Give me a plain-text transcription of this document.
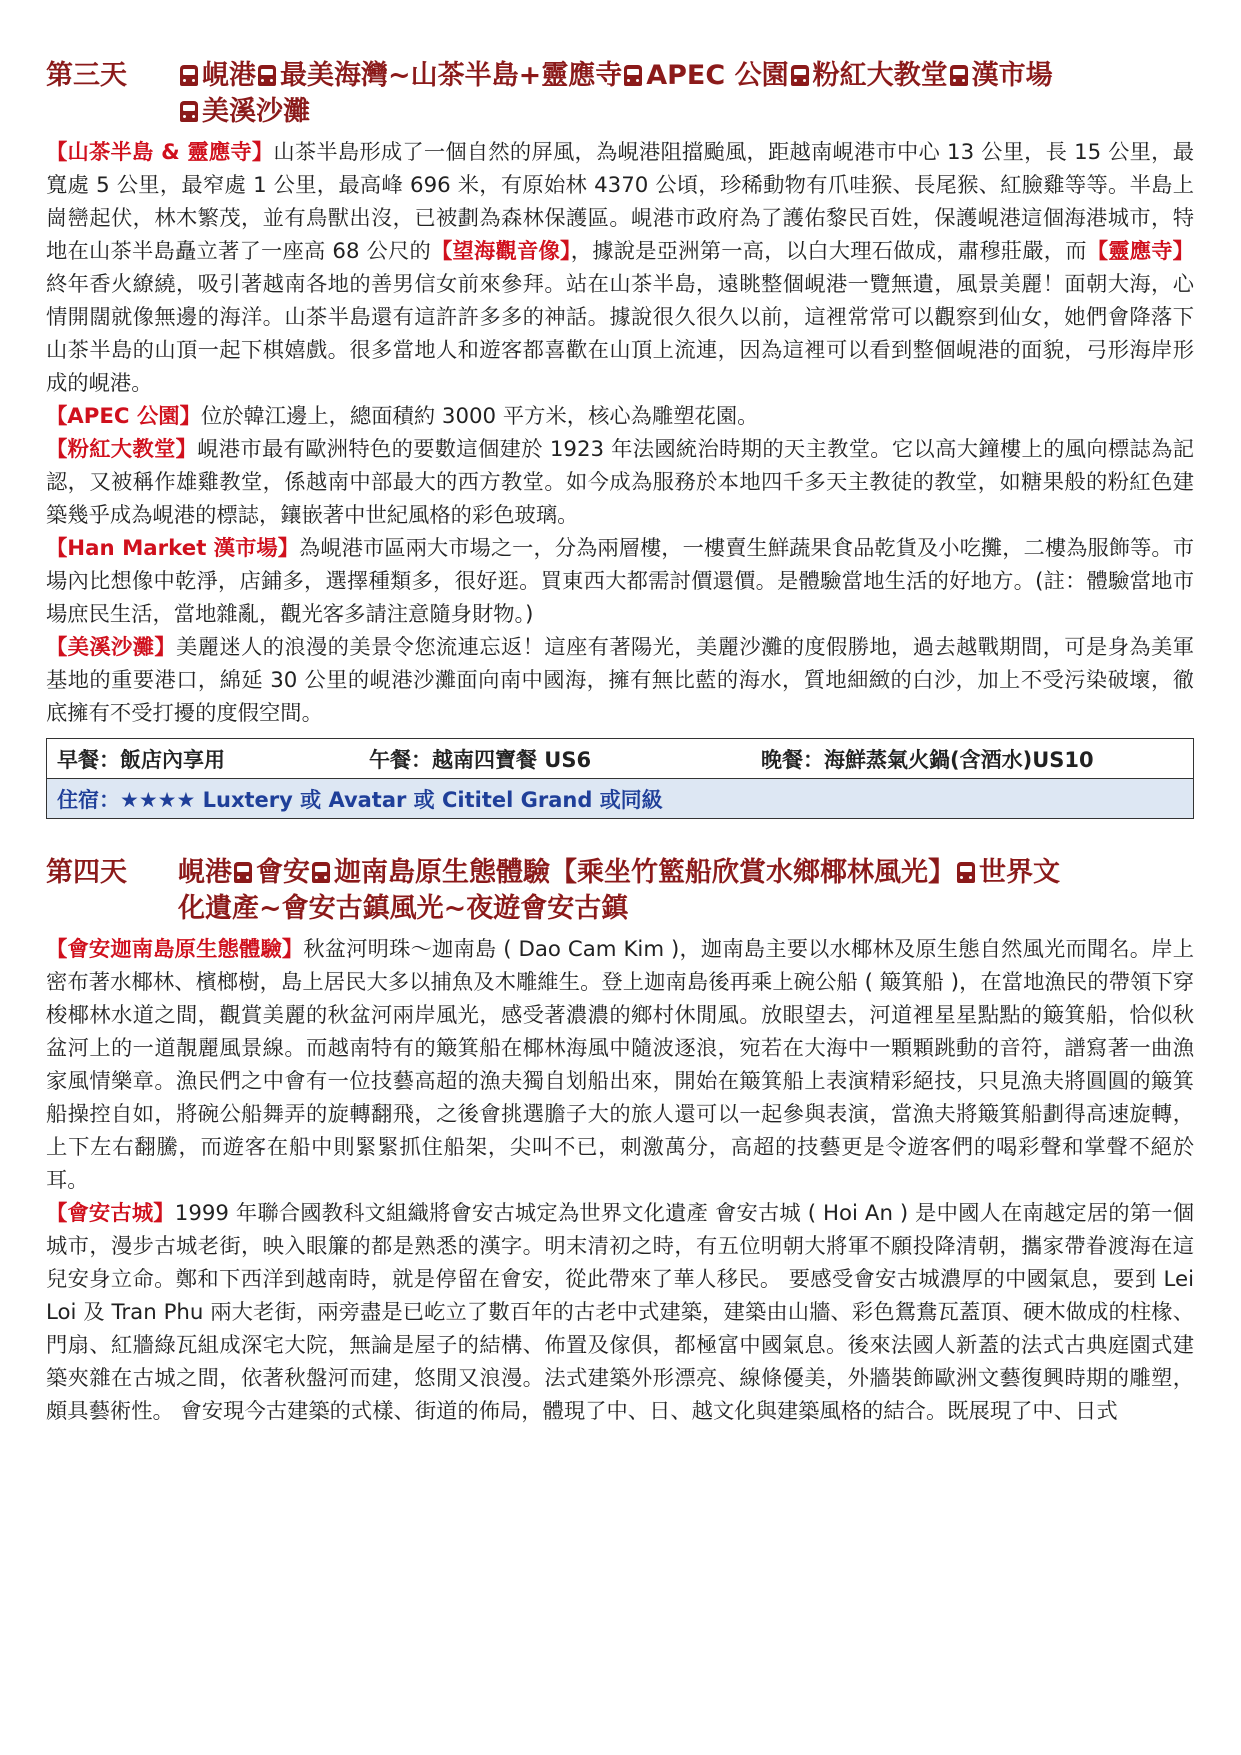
第三天	峴港 最美海灣~山茶半島+靈應寺 APEC 公園 粉紅大教堂 漢市場
美溪沙灘

【山茶半島 & 靈應寺】山茶半島形成了一個自然的屏風，為峴港阻擋颱風，距越南峴港市中心 13 公里，長 15 公里，最寬處 5 公里，最窄處 1 公里，最高峰 696 米，有原始林 4370 公頃，珍稀動物有爪哇猴、長尾猴、紅臉雞等等。半島上崗巒起伏，林木繁茂，並有鳥獸出沒，已被劃為森林保護區。峴港市政府為了護佑黎民百姓，保護峴港這個海港城市，特地在山茶半島矗立著了一座高 68 公尺的【望海觀音像】，據說是亞洲第一高，以白大理石做成，肅穆莊嚴，而【靈應寺】終年香火繚繞，吸引著越南各地的善男信女前來參拜。站在山茶半島，遠眺整個峴港一覽無遺，風景美麗！面朝大海，心情開闊就像無邊的海洋。山茶半島還有這許許多多的神話。據說很久很久以前，這裡常常可以觀察到仙女，她們會降落下山茶半島的山頂一起下棋嬉戲。很多當地人和遊客都喜歡在山頂上流連，因為這裡可以看到整個峴港的面貌，弓形海岸形成的峴港。

【APEC 公園】位於韓江邊上，總面積約 3000 平方米，核心為雕塑花園。

【粉紅大教堂】峴港市最有歐洲特色的要數這個建於 1923 年法國統治時期的天主教堂。它以高大鐘樓上的風向標誌為記認，又被稱作雄雞教堂，係越南中部最大的西方教堂。如今成為服務於本地四千多天主教徒的教堂，如糖果般的粉紅色建築幾乎成為峴港的標誌，鑲嵌著中世紀風格的彩色玻璃。

【Han Market 漢市場】為峴港市區兩大市場之一，分為兩層樓，一樓賣生鮮蔬果食品乾貨及小吃攤，二樓為服飾等。市場內比想像中乾淨，店鋪多，選擇種類多，很好逛。買東西大都需討價還價。是體驗當地生活的好地方。(註：體驗當地市場庶民生活，當地雜亂，觀光客多請注意隨身財物。)

【美溪沙灘】美麗迷人的浪漫的美景令您流連忘返！這座有著陽光，美麗沙灘的度假勝地，過去越戰期間，可是身為美軍基地的重要港口，綿延 30 公里的峴港沙灘面向南中國海，擁有無比藍的海水，質地細緻的白沙，加上不受污染破壞，徹底擁有不受打擾的度假空間。

早餐：飯店內享用	午餐：越南四寶餐 US6	晚餐：海鮮蒸氣火鍋(含酒水)US10
住宿：★★★★ Luxtery 或 Avatar 或 Citite​l Grand 或同級
第四天	峴港 會安 迦南島原生態體驗【乘坐竹籃船欣賞水鄉椰林風光】 世界文
化遺產~會安古鎮風光~夜遊會安古鎮

【會安迦南島原生態體驗】秋盆河明珠～迦南島 ( Dao Cam Kim )，迦南島主要以水椰林及原生態自然風光而聞名。岸上密布著水椰林、檳榔樹，島上居民大多以捕魚及木雕維生。登上迦南島後再乘上碗公船 ( 簸箕船 )，在當地漁民的帶領下穿梭椰林水道之間，觀賞美麗的秋盆河兩岸風光，感受著濃濃的鄉村休閒風。放眼望去，河道裡星星點點的簸箕船，恰似秋盆河上的一道靚麗風景線。而越南特有的簸箕船在椰林海風中隨波逐浪，宛若在大海中一顆顆跳動的音符，譜寫著一曲漁家風情樂章。漁民們之中會有一位技藝高超的漁夫獨自划船出來，開始在簸箕船上表演精彩絕技，只見漁夫將圓圓的簸箕船操控自如，將碗公船舞弄的旋轉翻飛，之後會挑選膽子大的旅人還可以一起參與表演，當漁夫將簸箕船劃得高速旋轉，上下左右翻騰，而遊客在船中則緊緊抓住船架，尖叫不已，刺激萬分，高超的技藝更是令遊客們的喝彩聲和掌聲不絕於耳。

【會安古城】1999 年聯合國教科文組織將會安古城定為世界文化遺產 會安古城 ( Hoi An ) 是中國人在南越定居的第一個城市，漫步古城老街，映入眼簾的都是熟悉的漢字。明末清初之時，有五位明朝大將軍不願投降清朝，攜家帶眷渡海在這兒安身立命。鄭和下西洋到越南時，就是停留在會安，從此帶來了華人移民。 要感受會安古城濃厚的中國氣息，要到 Lei Loi 及 Tran Phu 兩大老街，兩旁盡是已屹立了數百年的古老中式建築，建築由山牆、彩色鴛鴦瓦蓋頂、硬木做成的柱椽、門扇、紅牆綠瓦組成深宅大院，無論是屋子的結構、佈置及傢俱，都極富中國氣息。後來法國人新蓋的法式古典庭園式建築夾雜在古城之間，依著秋盤河而建，悠閒又浪漫。法式建築外形漂亮、線條優美，外牆裝飾歐洲文藝復興時期的雕塑，頗具藝術性。 會安現今古建築的式樣、街道的佈局，體現了中、日、越文化與建築風格的結合。既展現了中、日式
